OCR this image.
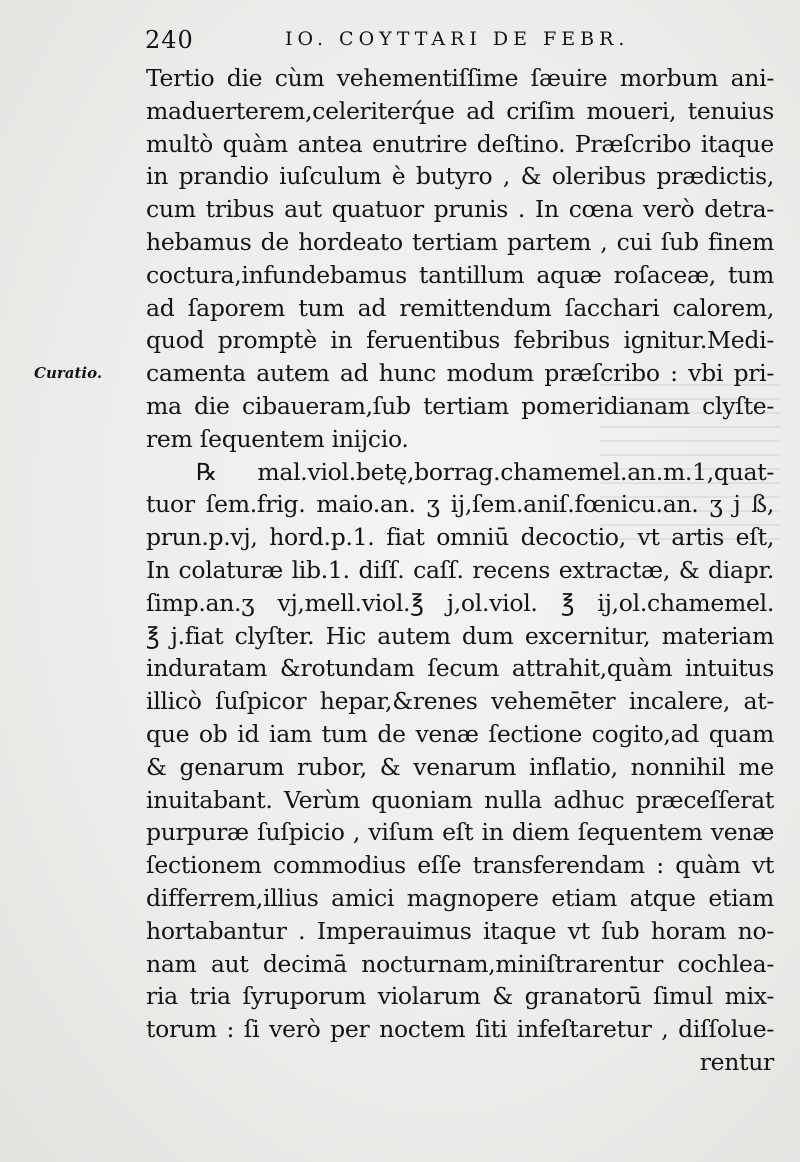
240	IO. COYTTARI DE FEBR.
Curatio.
Tertio die cùm vehementiſſime ſæuire morbum ani-
maduerterem,celeriterq́ue ad criſim moueri, tenuius
multò quàm antea enutrire deſtino. Præſcribo itaque
in prandio iuſculum è butyro , & oleribus prædictis,
cum tribus aut quatuor prunis . In cœna verò detra-
hebamus de hordeato tertiam partem , cui ſub finem
coctura,infundebamus tantillum aquæ roſaceæ, tum
ad ſaporem tum ad remittendum ſacchari calorem,
quod promptè in feruentibus febribus ignitur.Medi-
camenta autem ad hunc modum præſcribo : vbi pri-
ma die cibaueram,ſub tertiam pomeridianam clyſte-
rem ſequentem inijcio.
℞ mal.viol.betę,borrag.chamemel.an.m.1,quat-
tuor ſem.frig. maio.an. ʒ ij,ſem.aniſ.fœnicu.an. ʒ j ß,
prun.p.vj, hord.p.1. fiat omniū decoctio, vt artis eſt,
In colaturæ lib.1. diſſ. caſſ. recens extractæ, & diapr.
ſimp.an.ʒ vj,mell.viol.℥ j,ol.viol. ℥ ij,ol.chamemel.
℥ j.fiat clyſter. Hic autem dum excernitur, materiam
induratam &rotundam ſecum attrahit,quàm intuitus
illicò ſuſpicor hepar,&renes vehemēter incalere, at-
que ob id iam tum de venæ ſectione cogito,ad quam
& genarum rubor, & venarum inflatio, nonnihil me
inuitabant. Verùm quoniam nulla adhuc præceſſerat
purpuræ ſuſpicio , viſum eſt in diem ſequentem venæ
ſectionem commodius eſſe transferendam : quàm vt
differrem,illius amici magnopere etiam atque etiam
hortabantur . Imperauimus itaque vt ſub horam no-
nam aut decimā nocturnam,miniſtrarentur cochlea-
ria tria ſyruporum violarum & granatorū ſimul mix-
torum : ſi verò per noctem ſiti infeſtaretur , diſſolue-
rentur
